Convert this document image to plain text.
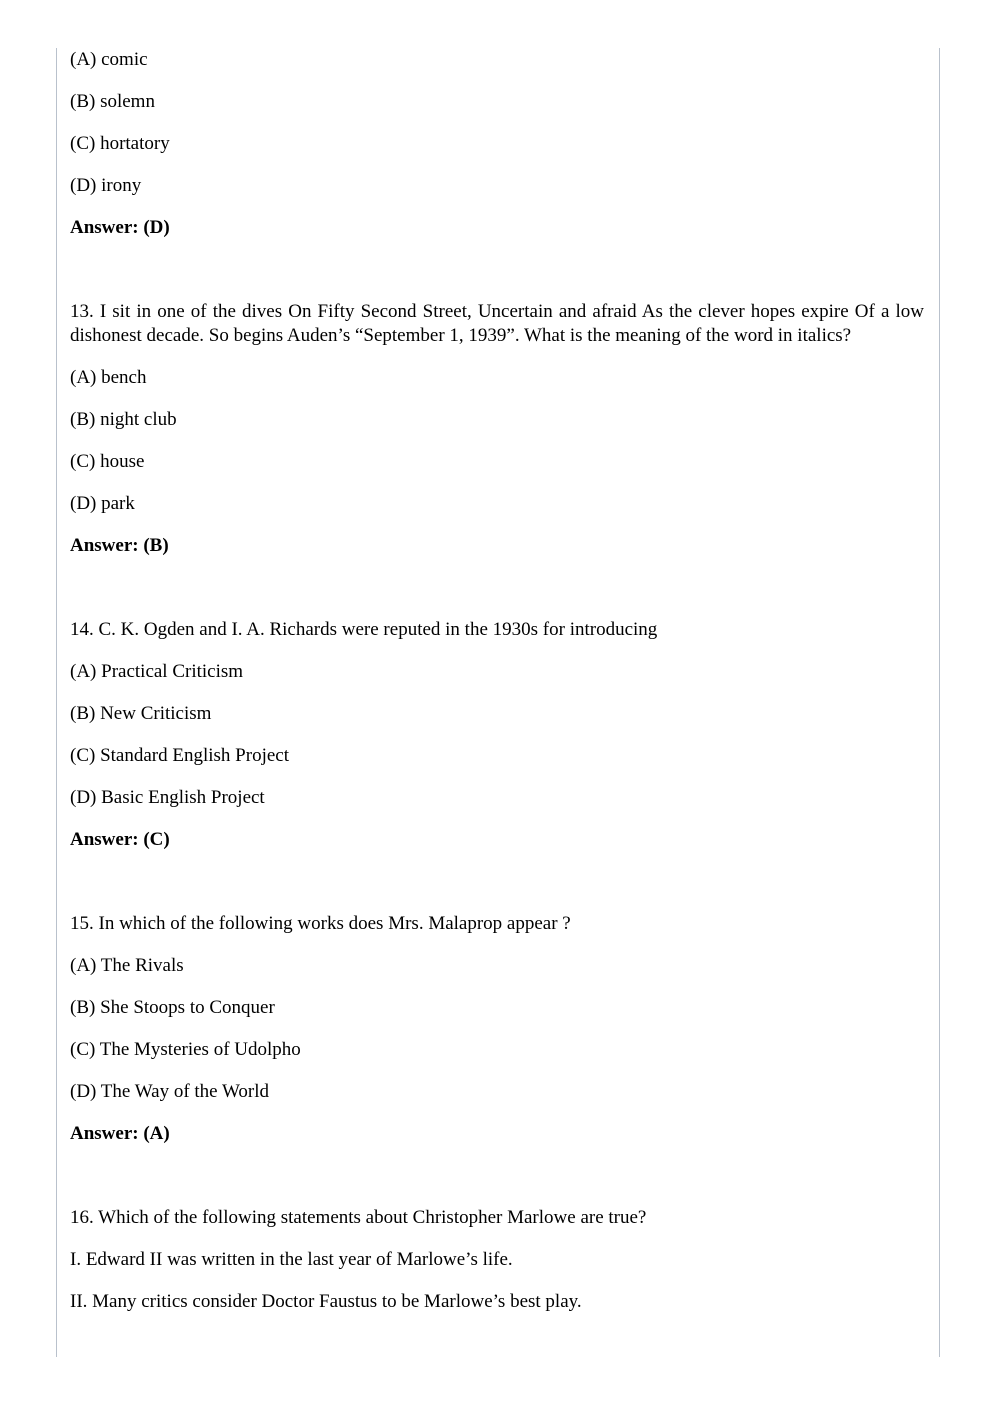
(A) comic

(B) solemn

(C) hortatory

(D) irony

Answer: (D)

13. I sit in one of the dives On Fifty Second Street, Uncertain and afraid As the clever hopes expire Of a low dishonest decade. So begins Auden’s “September 1, 1939”. What is the meaning of the word in italics?

(A) bench

(B) night club

(C) house

(D) park

Answer: (B)

14. C. K. Ogden and I. A. Richards were reputed in the 1930s for introducing

(A) Practical Criticism

(B) New Criticism

(C) Standard English Project

(D) Basic English Project

Answer: (C)

15. In which of the following works does Mrs. Malaprop appear ?

(A) The Rivals

(B) She Stoops to Conquer

(C) The Mysteries of Udolpho

(D) The Way of the World

Answer: (A)

16. Which of the following statements about Christopher Marlowe are true?

I. Edward II was written in the last year of Marlowe’s life.

II. Many critics consider Doctor Faustus to be Marlowe’s best play.
